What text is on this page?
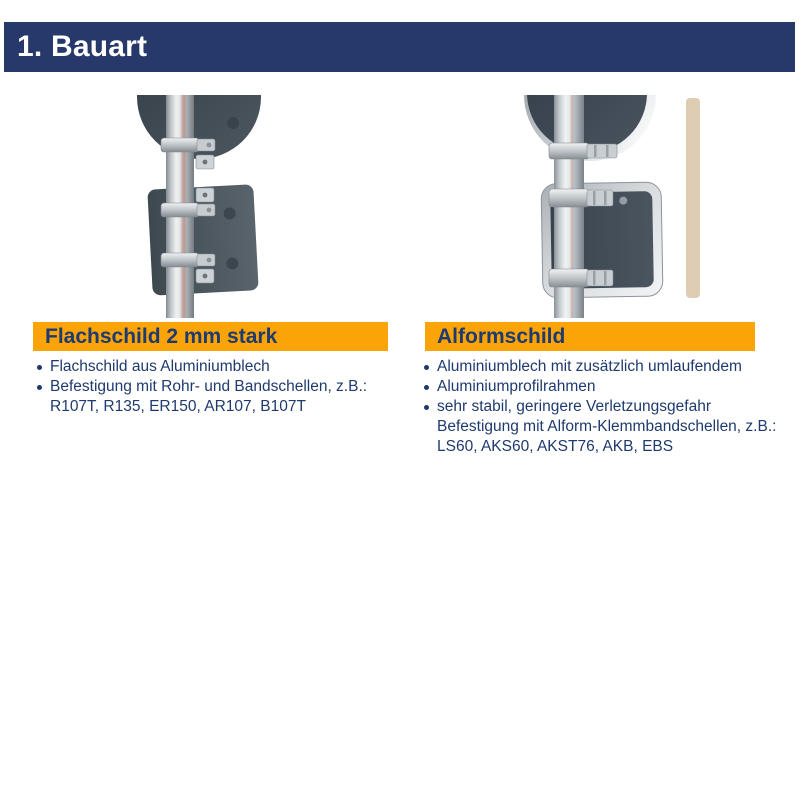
1. Bauart
Flachschild 2 mm stark	Alformschild
Flachschild aus Aluminiumblech
Befestigung mit Rohr- und Bandschellen, z.B.:
R107T, R135, ER150, AR107, B107T
Aluminiumblech mit zusätzlich umlaufendem
Aluminiumprofilrahmen
sehr stabil, geringere Verletzungsgefahr
Befestigung mit Alform-Klemmbandschellen, z.B.:
LS60, AKS60, AKST76, AKB, EBS
